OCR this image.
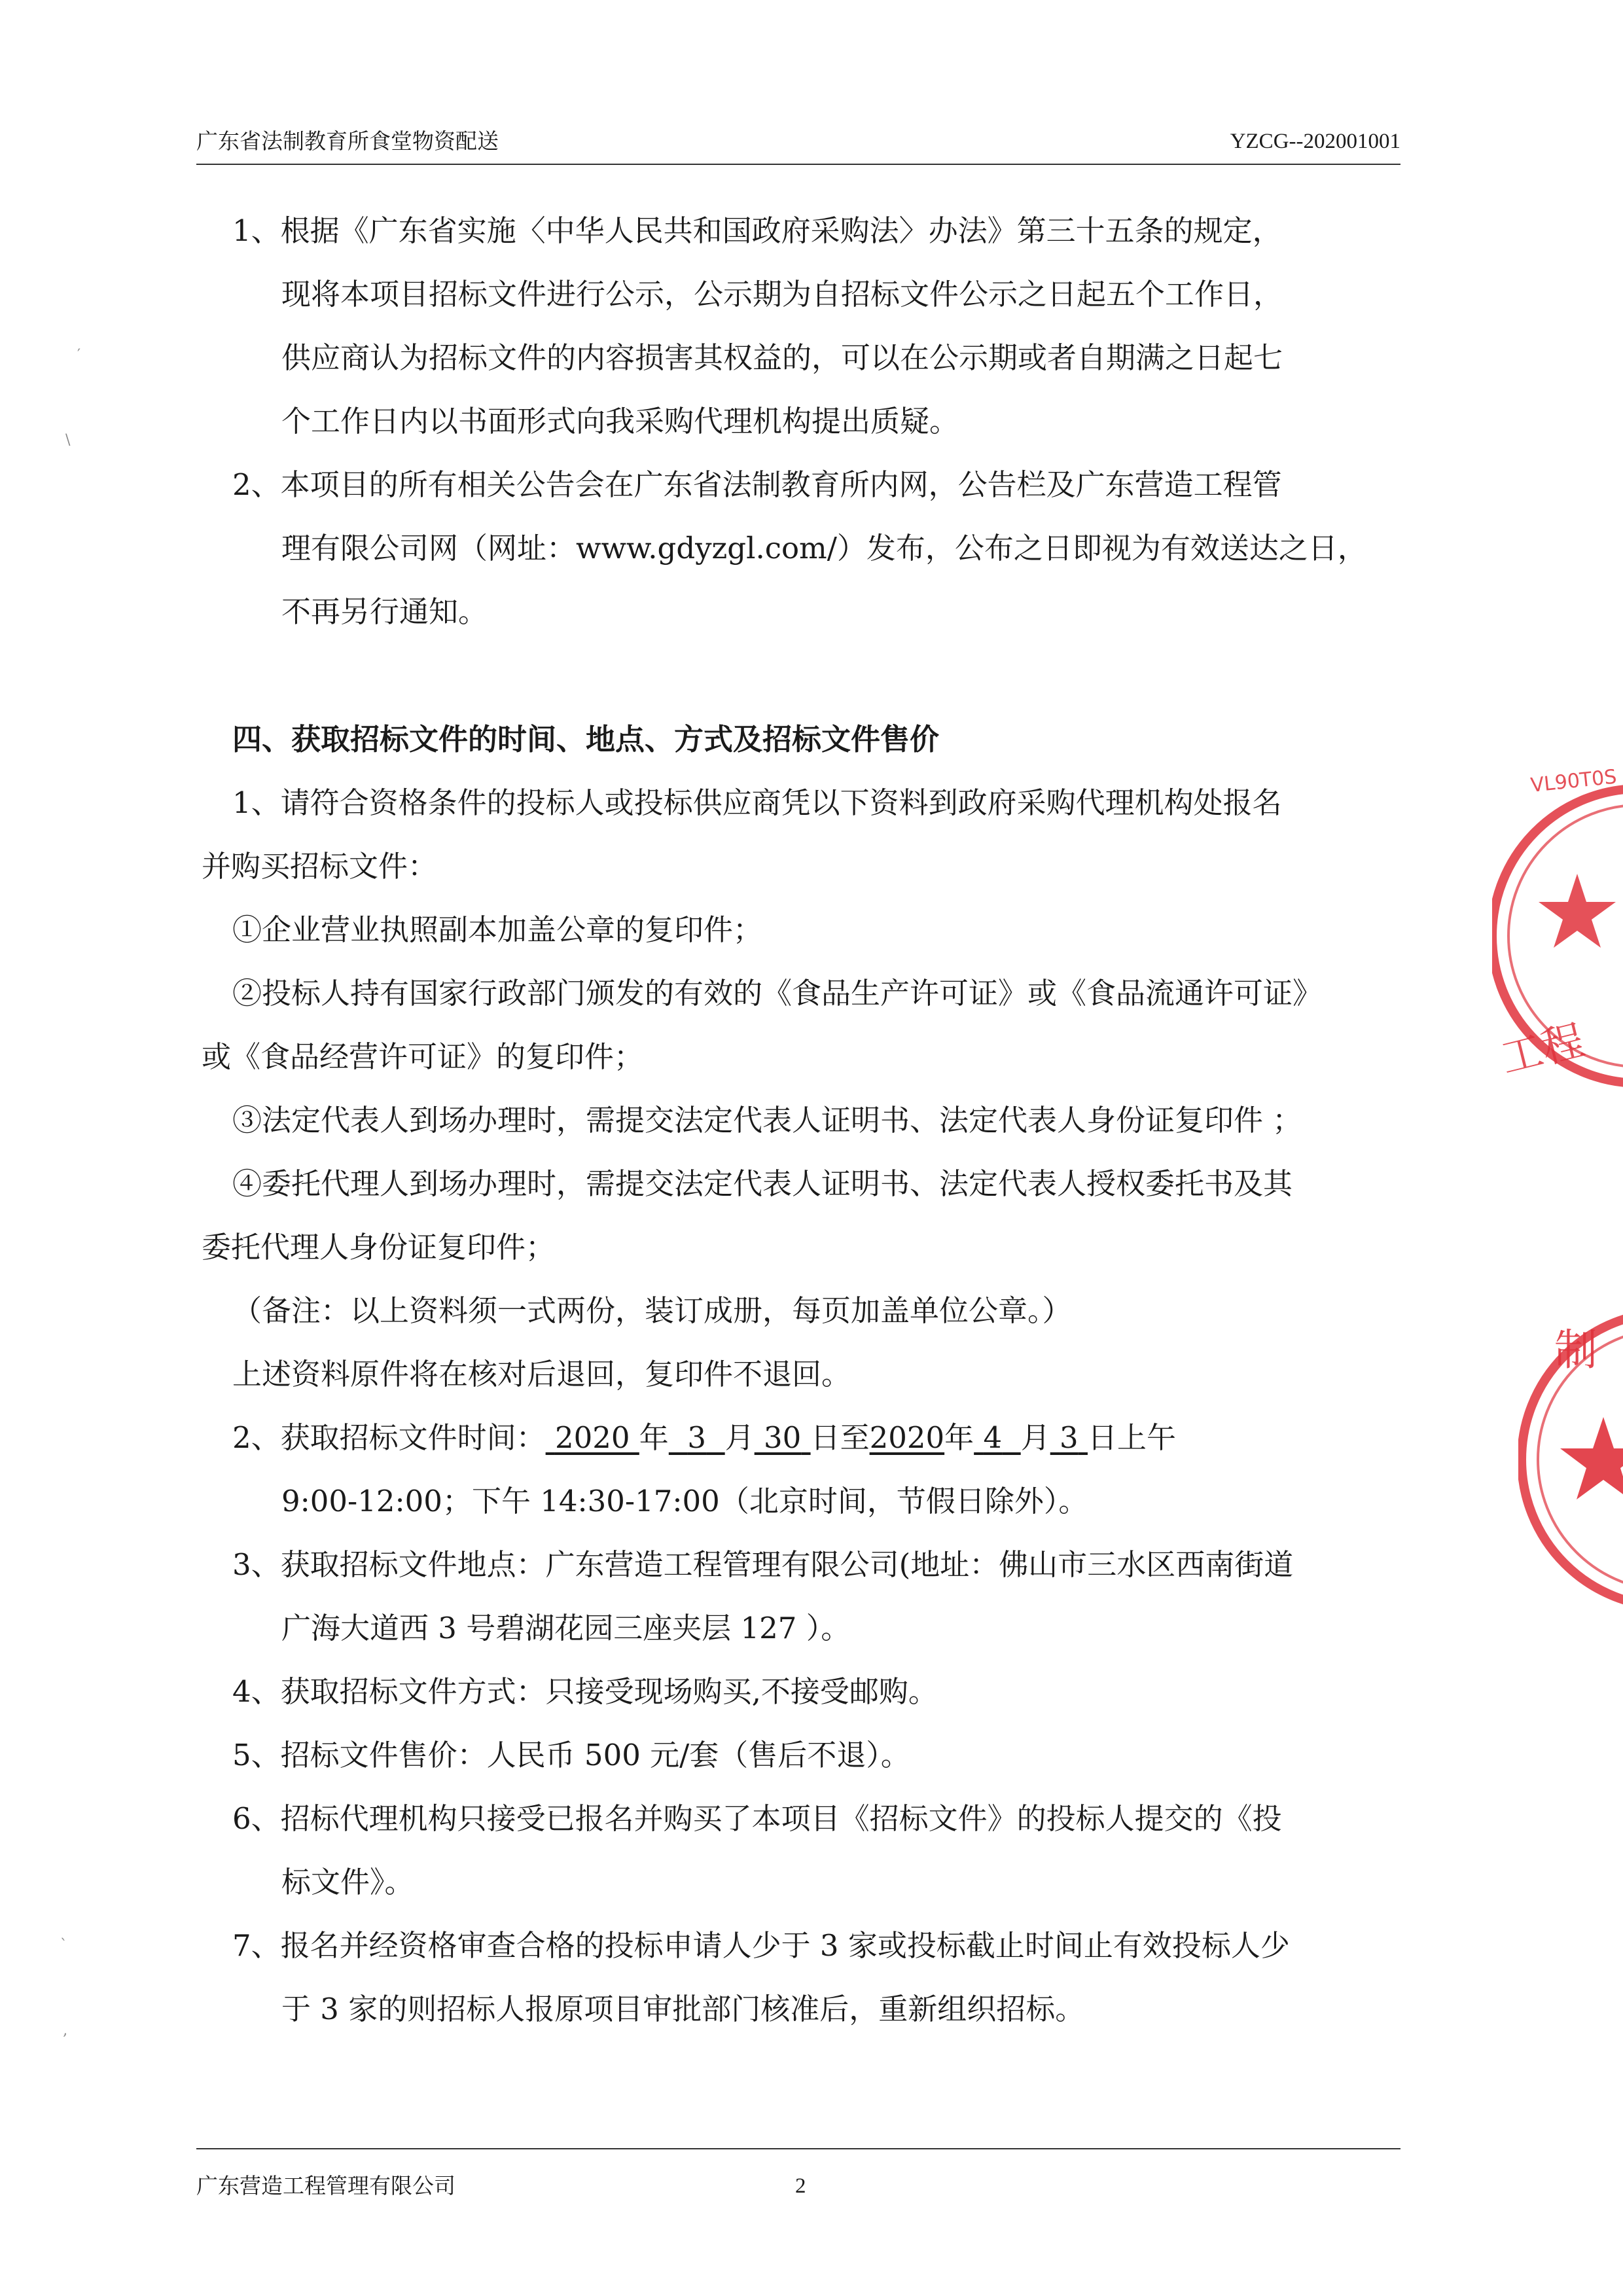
广东省法制教育所食堂物资配送	YZCG--202001001
1、根据《广东省实施〈中华人民共和国政府采购法〉办法》第三十五条的规定，
现将本项目招标文件进行公示，公示期为自招标文件公示之日起五个工作日，
供应商认为招标文件的内容损害其权益的，可以在公示期或者自期满之日起七
个工作日内以书面形式向我采购代理机构提出质疑。
2、本项目的所有相关公告会在广东省法制教育所内网，公告栏及广东营造工程管
理有限公司网（网址：www.gdyzgl.com/）发布，公布之日即视为有效送达之日，
不再另行通知。
四、获取招标文件的时间、地点、方式及招标文件售价
1、请符合资格条件的投标人或投标供应商凭以下资料到政府采购代理机构处报名
并购买招标文件：
①企业营业执照副本加盖公章的复印件；
②投标人持有国家行政部门颁发的有效的《食品生产许可证》或《食品流通许可证》
或《食品经营许可证》的复印件；
③法定代表人到场办理时，需提交法定代表人证明书、法定代表人身份证复印件 ；
④委托代理人到场办理时，需提交法定代表人证明书、法定代表人授权委托书及其
委托代理人身份证复印件；
（备注：以上资料须一式两份，装订成册，每页加盖单位公章。）
上述资料原件将在核对后退回，复印件不退回。
2、获取招标文件时间： 2020 年 3 月 30 日至2020年 4 月 3 日上午
9:00-12:00；下午 14:30-17:00（北京时间，节假日除外）。
3、获取招标文件地点：广东营造工程管理有限公司(地址：佛山市三水区西南街道
广海大道西 3 号碧湖花园三座夹层 127 ）。
4、获取招标文件方式：只接受现场购买,不接受邮购。
5、招标文件售价：人民币 500 元/套（售后不退）。
6、招标代理机构只接受已报名并购买了本项目《招标文件》的投标人提交的《投
标文件》。
7、报名并经资格审查合格的投标申请人少于 3 家或投标截止时间止有效投标人少
于 3 家的则招标人报原项目审批部门核准后，重新组织招标。
VL90T0S
工程
制
′
\
`
‚
广东营造工程管理有限公司	2
